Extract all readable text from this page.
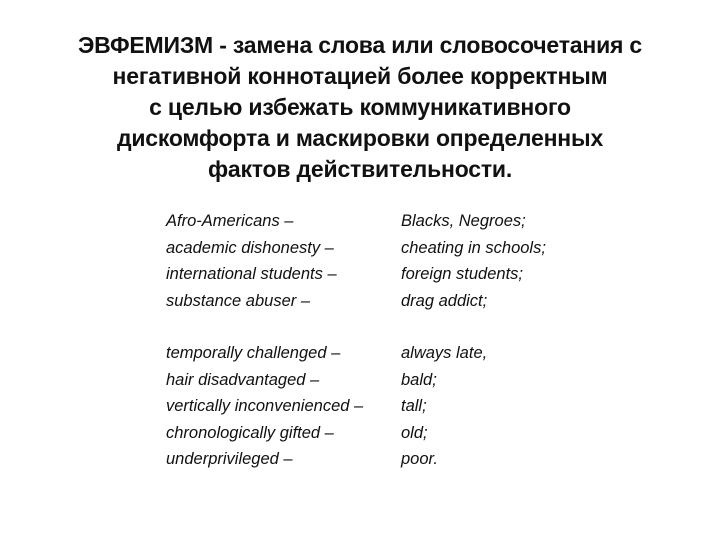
ЭВФЕМИЗМ - замена слова или словосочетания с
негативной коннотацией более корректным
с целью избежать коммуникативного
дискомфорта и маскировки определенных
фактов действительности.
Afro-Americans –	Blacks, Negroes;
academic dishonesty –	cheating in schools;
international students –	foreign students;
substance abuser –	drag addict;
temporally challenged –	always late,
hair disadvantaged –	bald;
vertically inconvenienced –	tall;
chronologically gifted –	old;
underprivileged –	poor.
